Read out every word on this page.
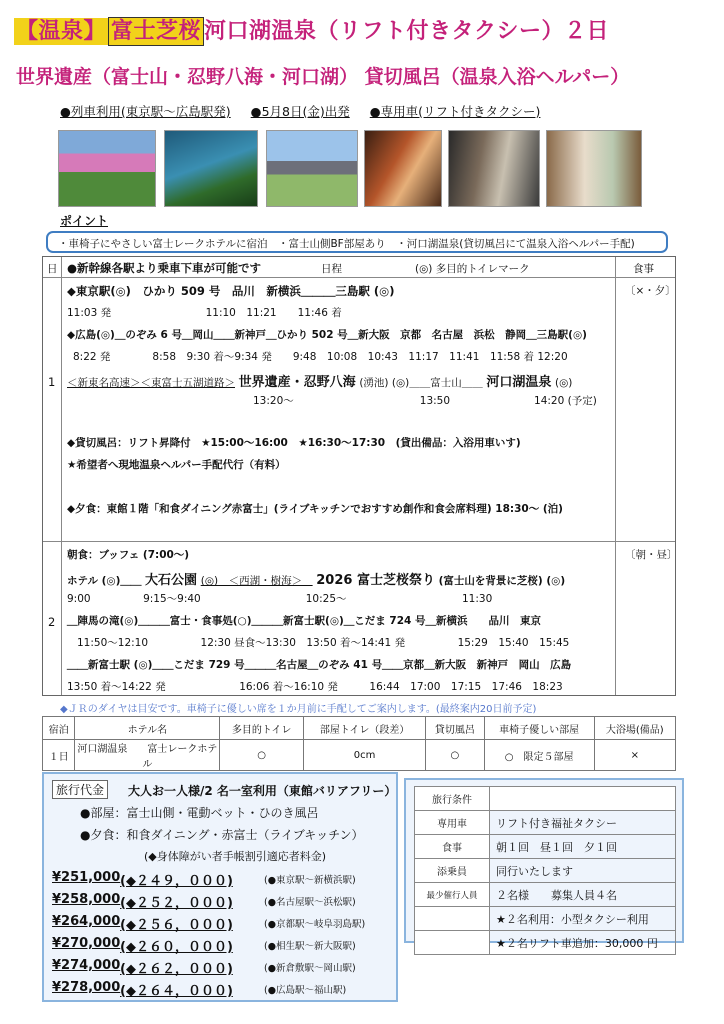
【温泉】 富士芝桜 河口湖温泉（リフト付きタクシー）２日
世界遺産（富士山・忍野八海・河口湖） 貸切風呂（温泉入浴ヘルパー）
●列車利用(東京駅～広島駅発) ●5月8日(金)出発 ●専用車(リフト付きタクシー)
ポイント
・車椅子にやさしい富士レークホテルに宿泊　・富士山側BF部屋あり　・河口湖温泉(貸切風呂にて温泉入浴ヘルパー手配)
日 ●新幹線各駅より乗車下車が可能です	日程	(◎) 多目的トイレマーク	食事
1
〔×・夕〕
◆東京駅(◎)　ひかり 509 号　品川　新横浜＿＿＿三島駅 (◎)
11:03 発　　　　　　　　　11:10　11:21　　11:46 着
◆広島(◎)＿のぞみ 6 号＿岡山＿＿新神戸＿ひかり 502 号＿新大阪　京都　名古屋　浜松　静岡＿三島駅(◎)
8:22 発　　　　8:58　9:30 着～9:34 発　　9:48　10:08　10:43　11:17　11:41　11:58 着 12:20
＜新東名高速＞＜東富士五湖道路＞ 世界遺産・忍野八海 (湧池) (◎)＿＿富士山＿＿ 河口湖温泉 (◎)
13:20～　　　　　　　　　　　　13:50　　　　　　　　14:20 (予定)
◆貸切風呂：リフト昇降付　★15:00～16:00　★16:30～17:30　(貸出備品：入浴用車いす)
★希望者へ現地温泉ヘルパー手配代行（有料）
◆夕食：東館１階「和食ダイニング赤富士」(ライブキッチンでおすすめ創作和食会席料理) 18:30～ (泊)
2
〔朝・昼〕
朝食：ブッフェ (7:00～)
ホテル (◎)＿＿ 大石公園 (◎)＿＜西湖・樹海＞＿ 2026 富士芝桜祭り (富士山を背景に芝桜) (◎)
9:00　　　　　9:15～9:40　　　　　　　　　　10:25～　　　　　　　　　　　11:30
＿陣馬の滝(◎)＿＿＿富士・食事処(○)＿＿＿新富士駅(◎)＿こだま 724 号＿新横浜　　品川　東京
11:50～12:10　　　　　12:30 昼食～13:30　13:50 着～14:41 発　　　　　15:29　15:40　15:45
＿＿新富士駅 (◎)＿＿こだま 729 号＿＿＿名古屋＿のぞみ 41 号＿＿京都＿新大阪　新神戸　岡山　広島
13:50 着～14:22 発　　　　　　　16:06 着～16:10 発　　　16:44　17:00　17:15　17:46　18:23
◆ＪＲのダイヤは目安です。車椅子に優しい席を１か月前に手配してご案内します。(最終案内20日前予定)
宿泊	ホテル名	多目的トイレ	部屋トイレ（段差）	貸切風呂	車椅子優しい部屋	大浴場(備品)
１日	河口湖温泉　　富士レークホテル	○	0cm	○	○　限定５部屋	×
旅行代金	大人お一人様/2 名一室利用（東館バリアフリー）
●部屋：富士山側・電動ベット・ひのき風呂
●夕食：和食ダイニング・赤富士（ライブキッチン）
(◆身体障がい者手帳割引適応者料金)
¥251,000 (◆２４９，０００)	(●東京駅～新横浜駅)
¥258,000 (◆２５２，０００)	(●名古屋駅～浜松駅)
¥264,000 (◆２５６，０００)	(●京都駅～岐阜羽島駅)
¥270,000 (◆２６０，０００)	(●相生駅～新大阪駅)
¥274,000 (◆２６２，０００)	(●新倉敷駅～岡山駅)
¥278,000 (◆２６４，０００)	(●広島駅～福山駅)
旅行条件	
専用車	リフト付き福祉タクシー
食事	朝１回　昼１回　夕１回
添乗員	同行いたします
最少催行人員	２名様　　募集人員４名
	★２名利用：小型タクシー利用
	★２名リフト車追加：30,000 円
